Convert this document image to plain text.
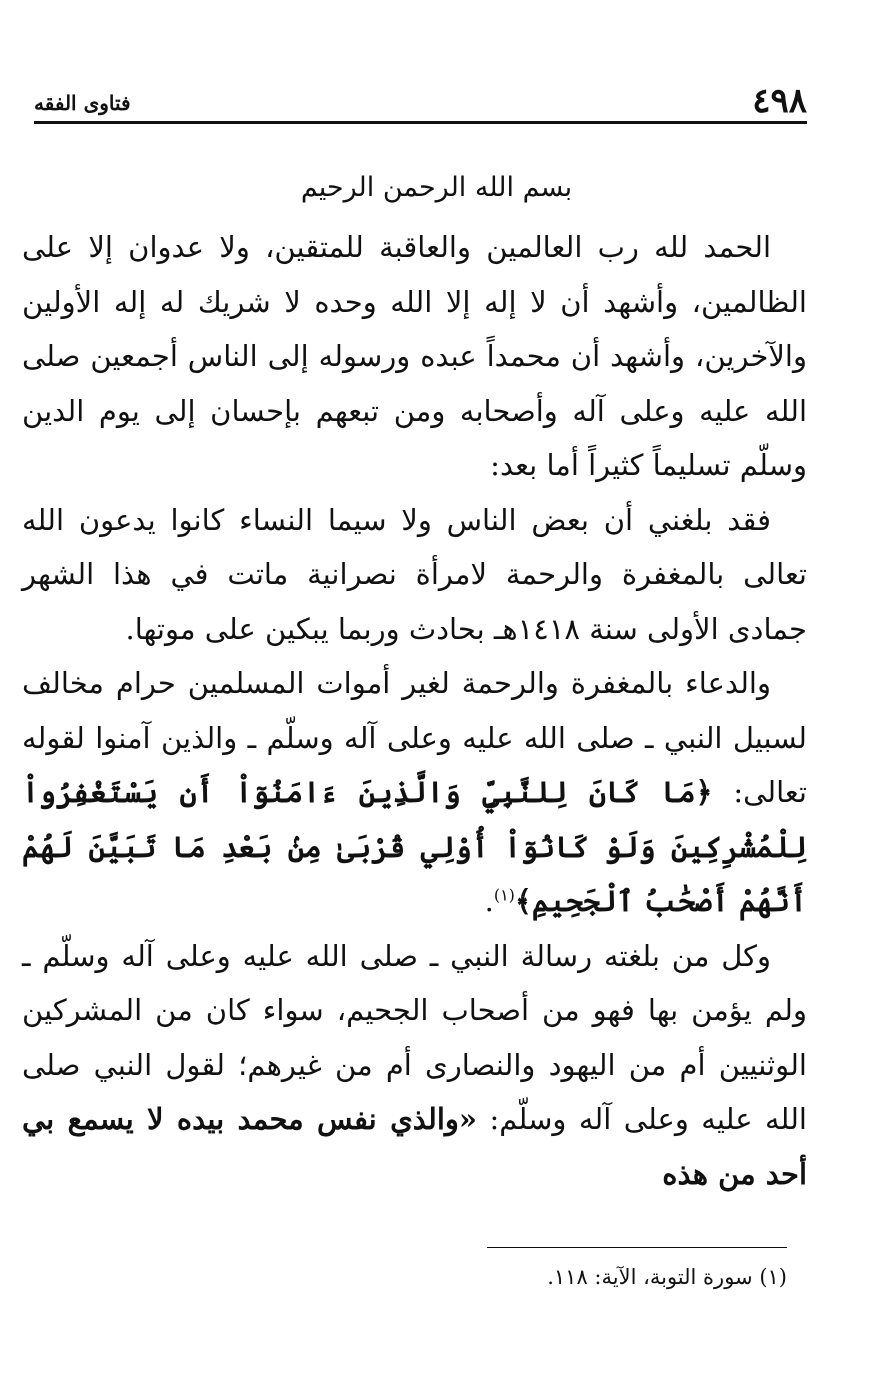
٤٩٨
فتاوى الفقه
بسم الله الرحمن الرحيم

الحمد لله رب العالمين والعاقبة للمتقين، ولا عدوان إلا على الظالمين، وأشهد أن لا إله إلا الله وحده لا شريك له إله الأولين والآخرين، وأشهد أن محمداً عبده ورسوله إلى الناس أجمعين صلى الله عليه وعلى آله وأصحابه ومن تبعهم بإحسان إلى يوم الدين وسلّم تسليماً كثيراً أما بعد:

فقد بلغني أن بعض الناس ولا سيما النساء كانوا يدعون الله تعالى بالمغفرة والرحمة لامرأة نصرانية ماتت في هذا الشهر جمادى الأولى سنة ١٤١٨هـ بحادث وربما يبكين على موتها.

والدعاء بالمغفرة والرحمة لغير أموات المسلمين حرام مخالف لسبيل النبي ـ صلى الله عليه وعلى آله وسلّم ـ والذين آمنوا لقوله تعالى: ﴿مَا كَانَ لِلنَّبِيِّ وَالَّذِينَ ءَامَنُوٓاْ أَن يَسْتَغْفِرُواْ لِلْمُشْرِكِينَ وَلَوْ كَانُوٓاْ أُوْلِي قُرْبَىٰ مِنۢ بَعْدِ مَا تَبَيَّنَ لَهُمْ أَنَّهُمْ أَصْحَٰبُ ٱلْجَحِيمِ﴾$^{(١)}$.

وكل من بلغته رسالة النبي ـ صلى الله عليه وعلى آله وسلّم ـ ولم يؤمن بها فهو من أصحاب الجحيم، سواء كان من المشركين الوثنيين أم من اليهود والنصارى أم من غيرهم؛ لقول النبي صلى الله عليه وعلى آله وسلّم: «والذي نفس محمد بيده لا يسمع بي أحد من هذه

(١) سورة التوبة، الآية: ١١٨.
